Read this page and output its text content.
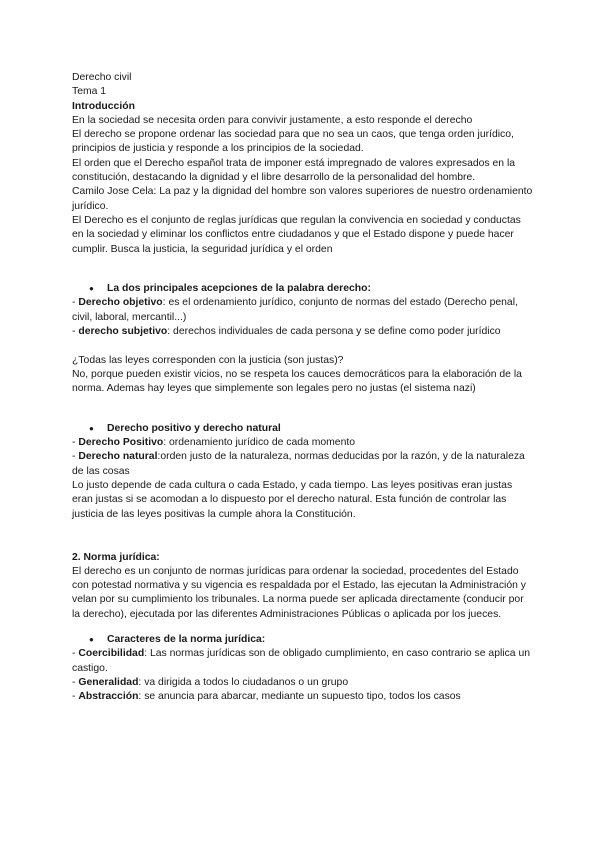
Derecho civil

Tema 1

Introducción

En la sociedad se necesita orden para convivir justamente, a esto responde el derecho

El derecho se propone ordenar las sociedad para que no sea un caos, que tenga orden jurídico, principios de justicia y responde a los principios de la sociedad.

El orden que el Derecho español trata de imponer está impregnado de valores expresados en la constitución, destacando la dignidad y el libre desarrollo de la personalidad del hombre.

Camilo Jose Cela: La paz y la dignidad del hombre son valores superiores de nuestro ordenamiento jurídico.

El Derecho es el conjunto de reglas jurídicas que regulan la convivencia en sociedad y conductas en la sociedad y eliminar los conflictos entre ciudadanos y que el Estado dispone y puede hacer cumplir. Busca la justicia, la seguridad jurídica y el orden

●	La dos principales acepciones de la palabra derecho:

- Derecho objetivo: es el ordenamiento jurídico, conjunto de normas del estado (Derecho penal, civil, laboral, mercantil...)

- derecho subjetivo: derechos individuales de cada persona y se define como poder jurídico

¿Todas las leyes corresponden con la justicia (son justas)?

No, porque pueden existir vicios, no se respeta los cauces democráticos para la elaboración de la norma. Ademas hay leyes que simplemente son legales pero no justas (el sistema nazi)

●	Derecho positivo y derecho natural

- Derecho Positivo: ordenamiento jurídico de cada momento

- Derecho natural:orden justo de la naturaleza, normas deducidas por la razón, y de la naturaleza de las cosas

Lo justo depende de cada cultura o cada Estado, y cada tiempo. Las leyes positivas eran justas eran justas si se acomodan a lo dispuesto por el derecho natural. Esta función de controlar las justicia de las leyes positivas la cumple ahora la Constitución.

2. Norma jurídica:

El derecho es un conjunto de normas jurídicas para ordenar la sociedad, procedentes del Estado con potestad normativa y su vigencia es respaldada por el Estado, las ejecutan la Administración y velan por su cumplimiento los tribunales. La norma puede ser aplicada directamente (conducir por la derecho), ejecutada por las diferentes Administraciones Públicas o aplicada por los jueces.

●	Caracteres de la norma jurídica:

- Coercibilidad: Las normas jurídicas son de obligado cumplimiento, en caso contrario se aplica un castigo.

- Generalidad: va dirigida a todos lo ciudadanos o un grupo

- Abstracción: se anuncia para abarcar, mediante un supuesto tipo, todos los casos
